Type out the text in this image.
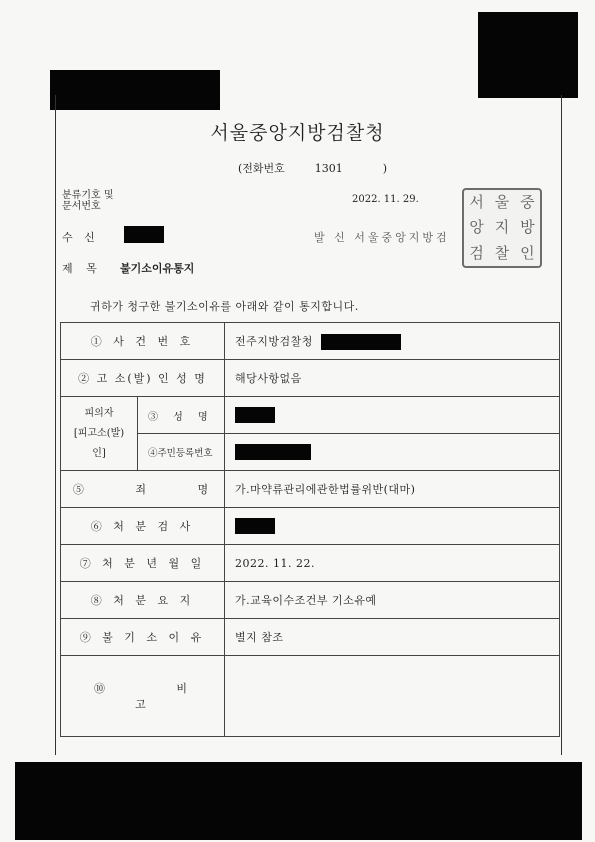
서울중앙지방검찰청
(전화번호	1301	)
분류기호 및
문서번호
2022. 11. 29.
수 신	발 신 서울중앙지방검
제 목 불기소이유통지
서 울 중
앙 지 방
검 찰 인
귀하가 청구한 불기소이유를 아래와 같이 통지합니다.
① 사 건 번 호		전주지방검찰청
② 고 소(발) 인 성 명		해당사항없음

피의자
[피고소(발)인]	③ 성 명	
	④주민등록번호	
⑤ 죄 명		가.마약류관리에관한법률위반(대마)
⑥ 처 분 검 사		
⑦ 처 분 년 월 일		2022. 11. 22.
⑧ 처 분 요 지		가.교육이수조건부 기소유예
⑨ 불 기 소 이 유		별지 참조
⑩ 비 고		
